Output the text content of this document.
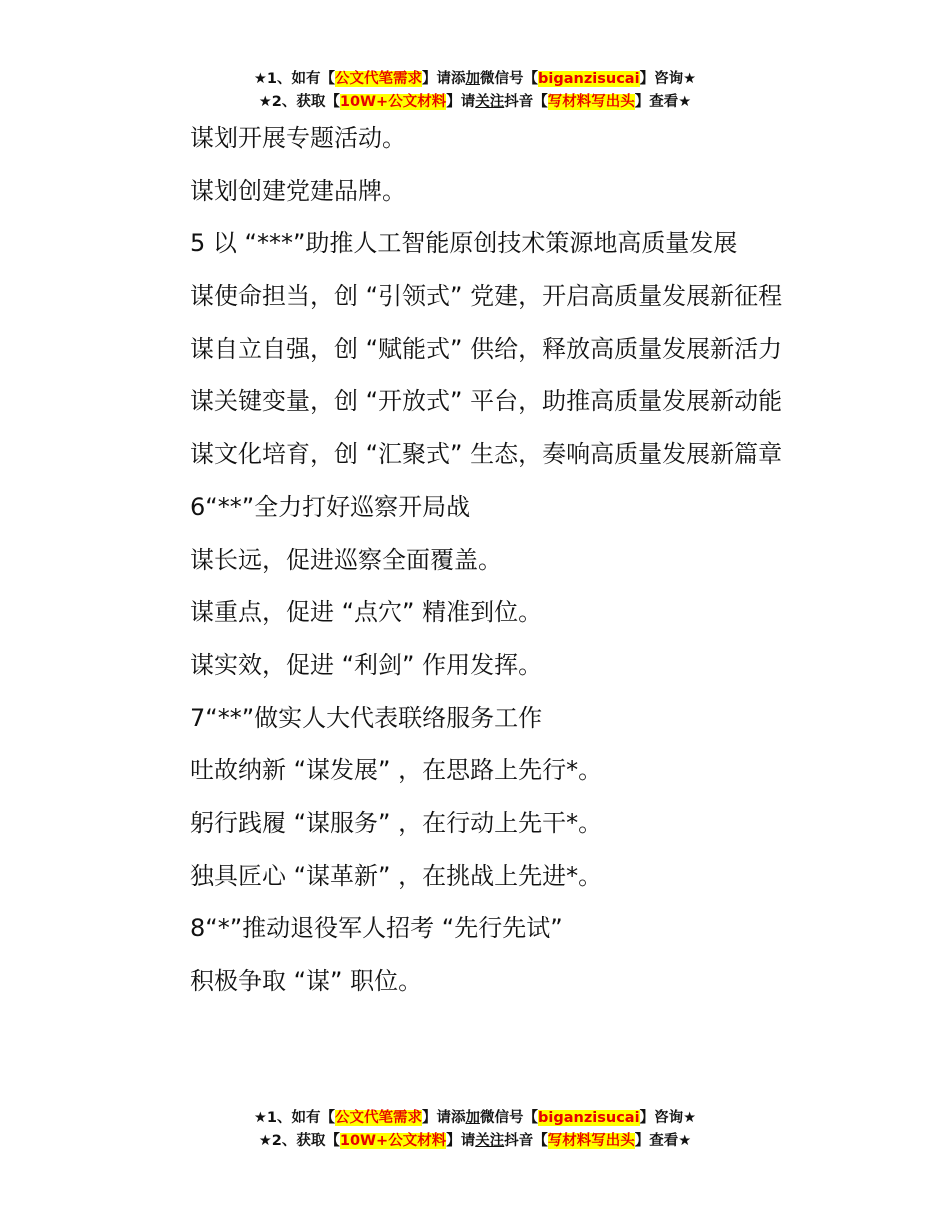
★1、如有【公文代笔需求】请添加微信号【biganzisucai】咨询★
★2、获取【10W+公文材料】请关注抖音【写材料写出头】查看★

谋划开展专题活动。

谋划创建党建品牌。

5 以 “***”助推人工智能原创技术策源地高质量发展

谋使命担当，创 “引领式” 党建，开启高质量发展新征程

谋自立自强，创 “赋能式” 供给，释放高质量发展新活力

谋关键变量，创 “开放式” 平台，助推高质量发展新动能

谋文化培育，创 “汇聚式” 生态，奏响高质量发展新篇章

6“**”全力打好巡察开局战

谋长远，促进巡察全面覆盖。

谋重点，促进 “点穴” 精准到位。

谋实效，促进 “利剑” 作用发挥。

7“**”做实人大代表联络服务工作

吐故纳新 “谋发展” ，在思路上先行*。

躬行践履 “谋服务” ，在行动上先干*。

独具匠心 “谋革新” ，在挑战上先进*。

8“*”推动退役军人招考 “先行先试”

积极争取 “谋” 职位。

★1、如有【公文代笔需求】请添加微信号【biganzisucai】咨询★
★2、获取【10W+公文材料】请关注抖音【写材料写出头】查看★
